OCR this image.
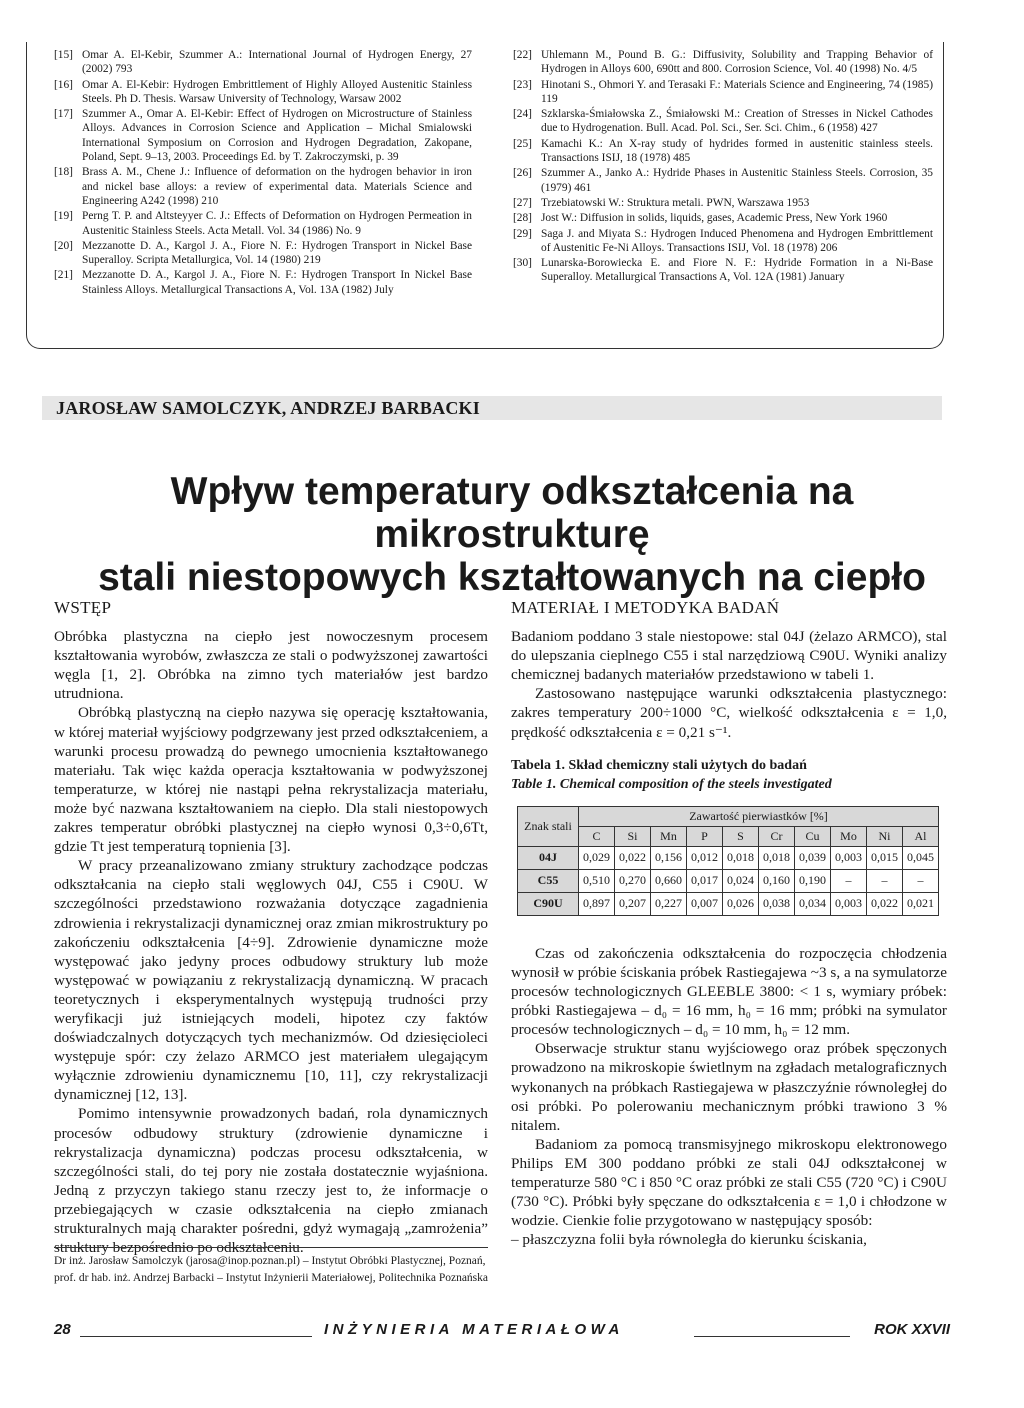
[15] Omar A. El-Kebir, Szummer A.: International Journal of Hydrogen Energy, 27 (2002) 793
[16] Omar A. El-Kebir: Hydrogen Embrittlement of Highly Alloyed Austenitic Stainless Steels. Ph D. Thesis. Warsaw University of Technology, Warsaw 2002
[17] Szummer A., Omar A. El-Kebir: Effect of Hydrogen on Microstructure of Stainless Alloys. Advances in Corrosion Science and Application – Michal Smialowski International Symposium on Corrosion and Hydrogen Degradation, Zakopane, Poland, Sept. 9–13, 2003. Proceedings Ed. by T. Zakroczymski, p. 39
[18] Brass A. M., Chene J.: Influence of deformation on the hydrogen behavior in iron and nickel base alloys: a review of experimental data. Materials Science and Engineering A242 (1998) 210
[19] Perng T. P. and Altsteyyer C. J.: Effects of Deformation on Hydrogen Permeation in Austenitic Stainless Steels. Acta Metall. Vol. 34 (1986) No. 9
[20] Mezzanotte D. A., Kargol J. A., Fiore N. F.: Hydrogen Transport in Nickel Base Superalloy. Scripta Metallurgica, Vol. 14 (1980) 219
[21] Mezzanotte D. A., Kargol J. A., Fiore N. F.: Hydrogen Transport In Nickel Base Stainless Alloys. Metallurgical Transactions A, Vol. 13A (1982) July
[22] Uhlemann M., Pound B. G.: Diffusivity, Solubility and Trapping Behavior of Hydrogen in Alloys 600, 690tt and 800. Corrosion Science, Vol. 40 (1998) No. 4/5
[23] Hinotani S., Ohmori Y. and Terasaki F.: Materials Science and Engineering, 74 (1985) 119
[24] Szklarska-Śmiałowska Z., Śmiałowski M.: Creation of Stresses in Nickel Cathodes due to Hydrogenation. Bull. Acad. Pol. Sci., Ser. Sci. Chim., 6 (1958) 427
[25] Kamachi K.: An X-ray study of hydrides formed in austenitic stainless steels. Transactions ISIJ, 18 (1978) 485
[26] Szummer A., Janko A.: Hydride Phases in Austenitic Stainless Steels. Corrosion, 35 (1979) 461
[27] Trzebiatowski W.: Struktura metali. PWN, Warszawa 1953
[28] Jost W.: Diffusion in solids, liquids, gases, Academic Press, New York 1960
[29] Saga J. and Miyata S.: Hydrogen Induced Phenomena and Hydrogen Embrittlement of Austenitic Fe-Ni Alloys. Transactions ISIJ, Vol. 18 (1978) 206
[30] Lunarska-Borowiecka E. and Fiore N. F.: Hydride Formation in a Ni-Base Superalloy. Metallurgical Transactions A, Vol. 12A (1981) January
JAROSŁAW SAMOLCZYK, ANDRZEJ BARBACKI
Wpływ temperatury odkształcenia na mikrostrukturę
stali niestopowych kształtowanych na ciepło
WSTĘP

Obróbka plastyczna na ciepło jest nowoczesnym procesem kształtowania wyrobów, zwłaszcza ze stali o podwyższonej zawartości węgla [1, 2]. Obróbka na zimno tych materiałów jest bardzo utrudniona.

Obróbką plastyczną na ciepło nazywa się operację kształtowania, w której materiał wyjściowy podgrzewany jest przed odkształceniem, a warunki procesu prowadzą do pewnego umocnienia kształtowanego materiału. Tak więc każda operacja kształtowania w podwyższonej temperaturze, w której nie nastąpi pełna rekrystalizacja materiału, może być nazwana kształtowaniem na ciepło. Dla stali niestopowych zakres temperatur obróbki plastycznej na ciepło wynosi 0,3÷0,6Tt, gdzie Tt jest temperaturą topnienia [3].

W pracy przeanalizowano zmiany struktury zachodzące podczas odkształcania na ciepło stali węglowych 04J, C55 i C90U. W szczególności przedstawiono rozważania dotyczące zagadnienia zdrowienia i rekrystalizacji dynamicznej oraz zmian mikrostruktury po zakończeniu odkształcenia [4÷9]. Zdrowienie dynamiczne może występować jako jedyny proces odbudowy struktury lub może występować w powiązaniu z rekrystalizacją dynamiczną. W pracach teoretycznych i eksperymentalnych występują trudności przy weryfikacji już istniejących modeli, hipotez czy faktów doświadczalnych dotyczących tych mechanizmów. Od dziesięcioleci występuje spór: czy żelazo ARMCO jest materiałem ulegającym wyłącznie zdrowieniu dynamicznemu [10, 11], czy rekrystalizacji dynamicznej [12, 13].

Pomimo intensywnie prowadzonych badań, rola dynamicznych procesów odbudowy struktury (zdrowienie dynamiczne i rekrystalizacja dynamiczna) podczas procesu odkształcenia, w szczególności stali, do tej pory nie została dostatecznie wyjaśniona. Jedną z przyczyn takiego stanu rzeczy jest to, że informacje o przebiegających w czasie odkształcenia na ciepło zmianach strukturalnych mają charakter pośredni, gdyż wymagają „zamrożenia” struktury bezpośrednio po odkształceniu.

MATERIAŁ I METODYKA BADAŃ

Badaniom poddano 3 stale niestopowe: stal 04J (żelazo ARMCO), stal do ulepszania cieplnego C55 i stal narzędziową C90U. Wyniki analizy chemicznej badanych materiałów przedstawiono w tabeli 1.

Zastosowano następujące warunki odkształcenia plastycznego: zakres temperatury 200÷1000 °C, wielkość odkształcenia ε = 1,0, prędkość odkształcenia ε = 0,21 s⁻¹.

Tabela 1. Skład chemiczny stali użytych do badań
Table 1. Chemical composition of the steels investigated
Znak stali	Zawartość pierwiastków [%]									
	C	Si	Mn	P	S	Cr	Cu	Mo	Ni	Al
04J	0,029	0,022	0,156	0,012	0,018	0,018	0,039	0,003	0,015	0,045
C55	0,510	0,270	0,660	0,017	0,024	0,160	0,190	–	–	–
C90U	0,897	0,207	0,227	0,007	0,026	0,038	0,034	0,003	0,022	0,021

Czas od zakończenia odkształcenia do rozpoczęcia chłodzenia wynosił w próbie ściskania próbek Rastiegajewa ~3 s, a na symulatorze procesów technologicznych GLEEBLE 3800: < 1 s, wymiary próbek: próbki Rastiegajewa – d₀ = 16 mm, h₀ = 16 mm; próbki na symulator procesów technologicznych – d₀ = 10 mm, h₀ = 12 mm.

Obserwacje struktur stanu wyjściowego oraz próbek spęczonych prowadzono na mikroskopie świetlnym na zgładach metalograficznych wykonanych na próbkach Rastiegajewa w płaszczyźnie równoległej do osi próbki. Po polerowaniu mechanicznym próbki trawiono 3 % nitalem.

Badaniom za pomocą transmisyjnego mikroskopu elektronowego Philips EM 300 poddano próbki ze stali 04J odkształconej w temperaturze 580 °C i 850 °C oraz próbki ze stali C55 (720 °C) i C90U (730 °C). Próbki były spęczane do odkształcenia ε = 1,0 i chłodzone w wodzie. Cienkie folie przygotowano w następujący sposób:

– płaszczyzna folii była równoległa do kierunku ściskania,

Dr inż. Jarosław Samolczyk (jarosa@inop.poznan.pl) – Instytut Obróbki Plastycznej, Poznań, prof. dr hab. inż. Andrzej Barbacki – Instytut Inżynierii Materiałowej, Politechnika Poznańska
28	INŻYNIERIA MATERIAŁOWA	ROK XXVII
